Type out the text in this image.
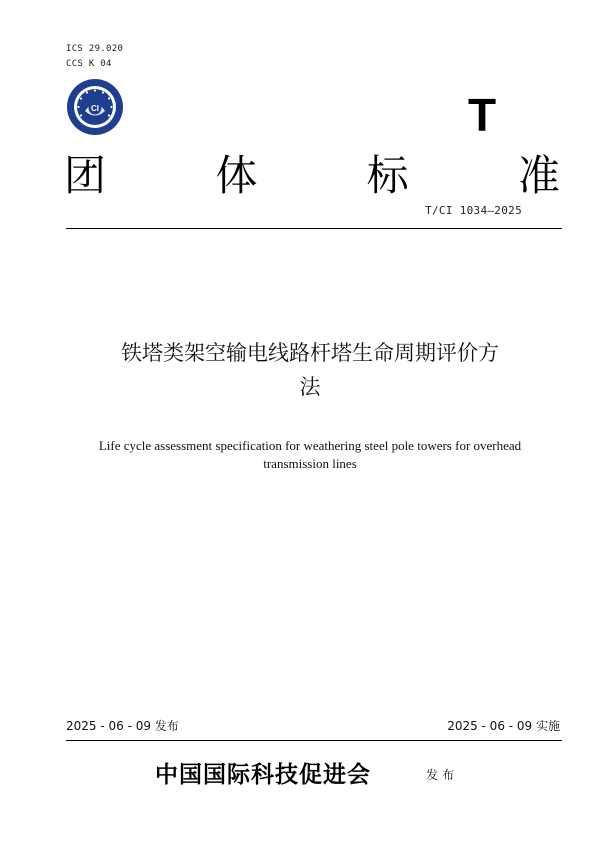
ICS 29.020
CCS K 04
CI	T
团	体	标	准
T/CI 1034—2025
铁塔类架空输电线路杆塔生命周期评价方
法
Life cycle assessment specification for weathering steel pole towers for overhead
transmission lines
2025 - 06 - 09 发布	2025 - 06 - 09 实施
中国国际科技促进会	发布
